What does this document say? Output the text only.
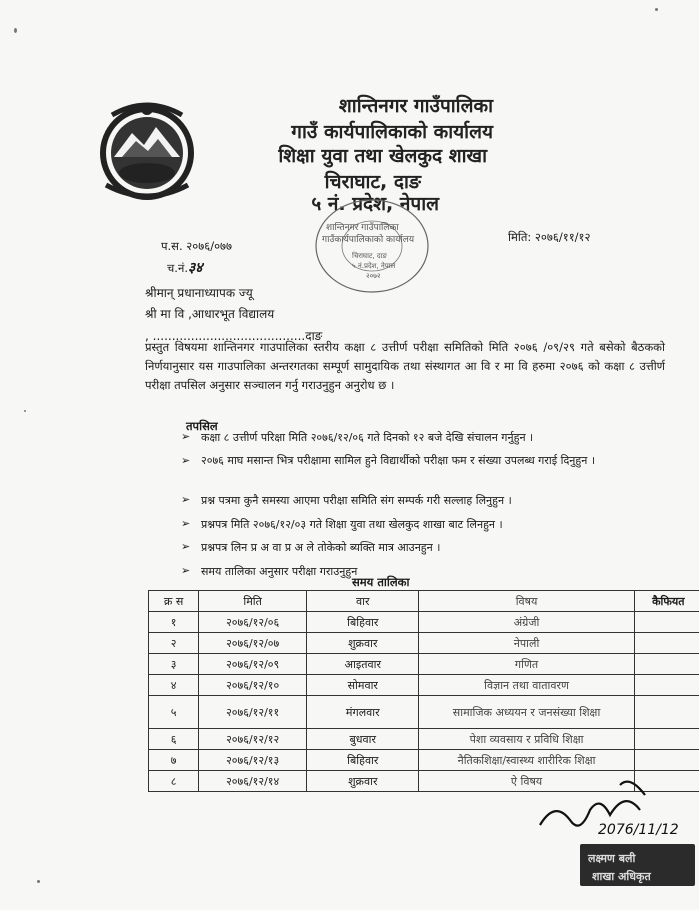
शान्तिनगर गाउँपालिका
गाउँ कार्यपालिकाको कार्यालय
शिक्षा युवा तथा खेलकुद शाखा
चिराघाट, दाङ
५ नं. प्रदेश, नेपाल
शान्तिनगर गाउँपालिका
गाउँकार्यपालिकाको कार्यालय
चिराघाट, दाङ
५ नं.प्रदेश, नेपाल
२०७२
प.स. २०७६/०७७
च.नं.३४
मिति: २०७६/११/१२
श्रीमान् प्रधानाध्यापक ज्यू
श्री मा वि ,आधारभूत विद्यालय
, ........................................दाङ
प्रस्तुत विषयमा शान्तिनगर गाउपालिका स्तरीय कक्षा ८ उत्तीर्ण परीक्षा समितिको मिति २०७६ /०९/२९ गते बसेको बैठकको निर्णयानुसार यस गाउपालिका अन्तरगतका सम्पूर्ण सामुदायिक तथा संस्थागत आ वि र मा वि हरुमा २०७६ को कक्षा ८ उत्तीर्ण परीक्षा तपसिल अनुसार सञ्चालन गर्नु गराउनुहुन अनुरोध छ ।
तपसिल
➢ कक्षा ८ उत्तीर्ण परिक्षा मिति २०७६/१२/०६ गते दिनको १२ बजे देखि संचालन गर्नुहुन ।
➢ २०७६ माघ मसान्त भित्र परीक्षामा सामिल हुने विद्यार्थीको परीक्षा फम र संख्या उपलब्ध गराई दिनुहुन ।
➢ प्रश्न पत्रमा कुनै समस्या आएमा परीक्षा समिति संग सम्पर्क गरी सल्लाह लिनुहुन ।
➢ प्रश्नपत्र मिति २०७६/१२/०३ गते शिक्षा युवा तथा खेलकुद शाखा बाट लिनहुन ।
➢ प्रश्नपत्र लिन प्र अ वा प्र अ ले तोकेको ब्यक्ति मात्र आउनहुन ।
➢ समय तालिका अनुसार परीक्षा गराउनुहुन
समय तालिका
क्र स	मिति	वार	विषय	कैफियत
१	२०७६/१२/०६	बिहिवार	अंग्रेजी	
२	२०७६/१२/०७	शुक्रवार	नेपाली	
३	२०७६/१२/०९	आइतवार	गणित	
४	२०७६/१२/१०	सोमवार	विज्ञान तथा वातावरण	
५	२०७६/१२/११	मंगलवार	सामाजिक अध्ययन र जनसंख्या शिक्षा	
६	२०७६/१२/१२	बुधवार	पेशा व्यवसाय र प्रविधि शिक्षा	
७	२०७६/१२/१३	बिहिवार	नैतिकशिक्षा/स्वास्थ्य शारीरिक शिक्षा	
८	२०७६/१२/१४	शुक्रवार	ऐ विषय	
2076/11/12
लक्ष्मण बली
शाखा अधिकृत
